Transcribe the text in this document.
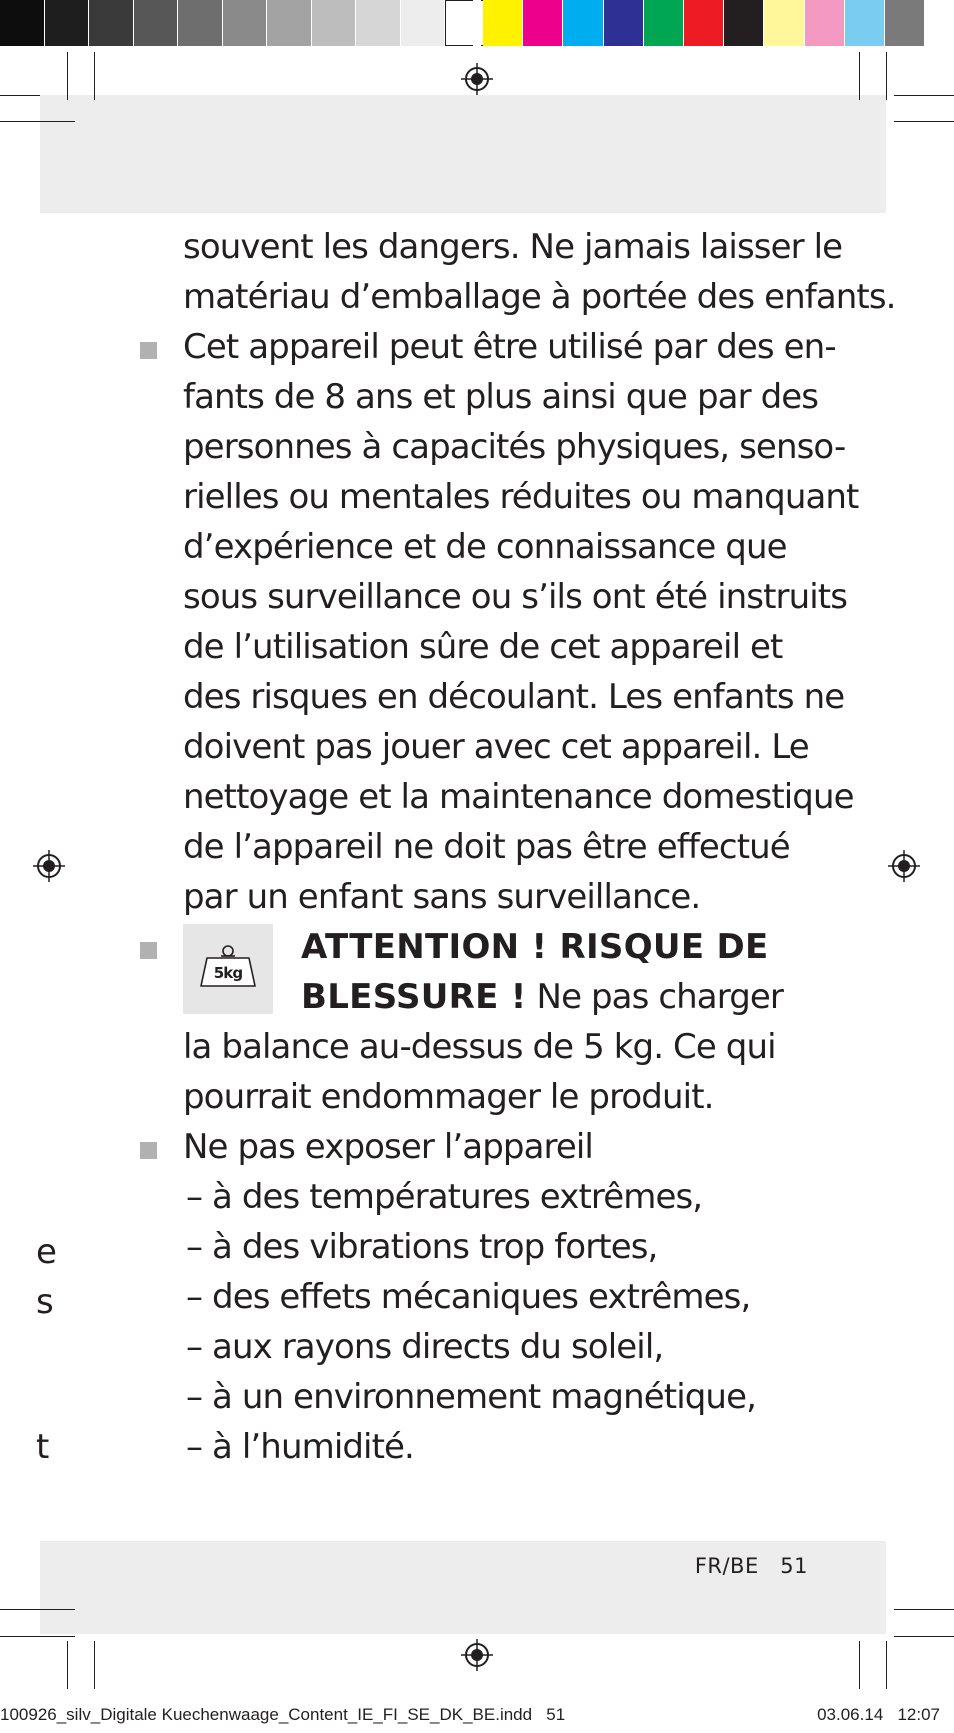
e
s
t
souvent les dangers. Ne jamais laisser le
matériau d’emballage à portée des enfants.
Cet appareil peut être utilisé par des en-
fants de 8 ans et plus ainsi que par des
personnes à capacités physiques, senso-
rielles ou mentales réduites ou manquant
d’expérience et de connaissance que
sous surveillance ou s’ils ont été instruits
de l’utilisation sûre de cet appareil et
des risques en découlant. Les enfants ne
doivent pas jouer avec cet appareil. Le
nettoyage et la maintenance domestique
de l’appareil ne doit pas être effectué
par un enfant sans surveillance.
5kg
ATTENTION ! RISQUE DE
BLESSURE ! Ne pas charger
la balance au-dessus de 5 kg. Ce qui
pourrait endommager le produit.
Ne pas exposer l’appareil
– à des températures extrêmes,
– à des vibrations trop fortes,
– des effets mécaniques extrêmes,
– aux rayons directs du soleil,
– à un environnement magnétique,
– à l’humidité.
FR/BE 51
100926_silv_Digitale Kuechenwaage_Content_IE_FI_SE_DK_BE.indd   51	03.06.14 12:07
